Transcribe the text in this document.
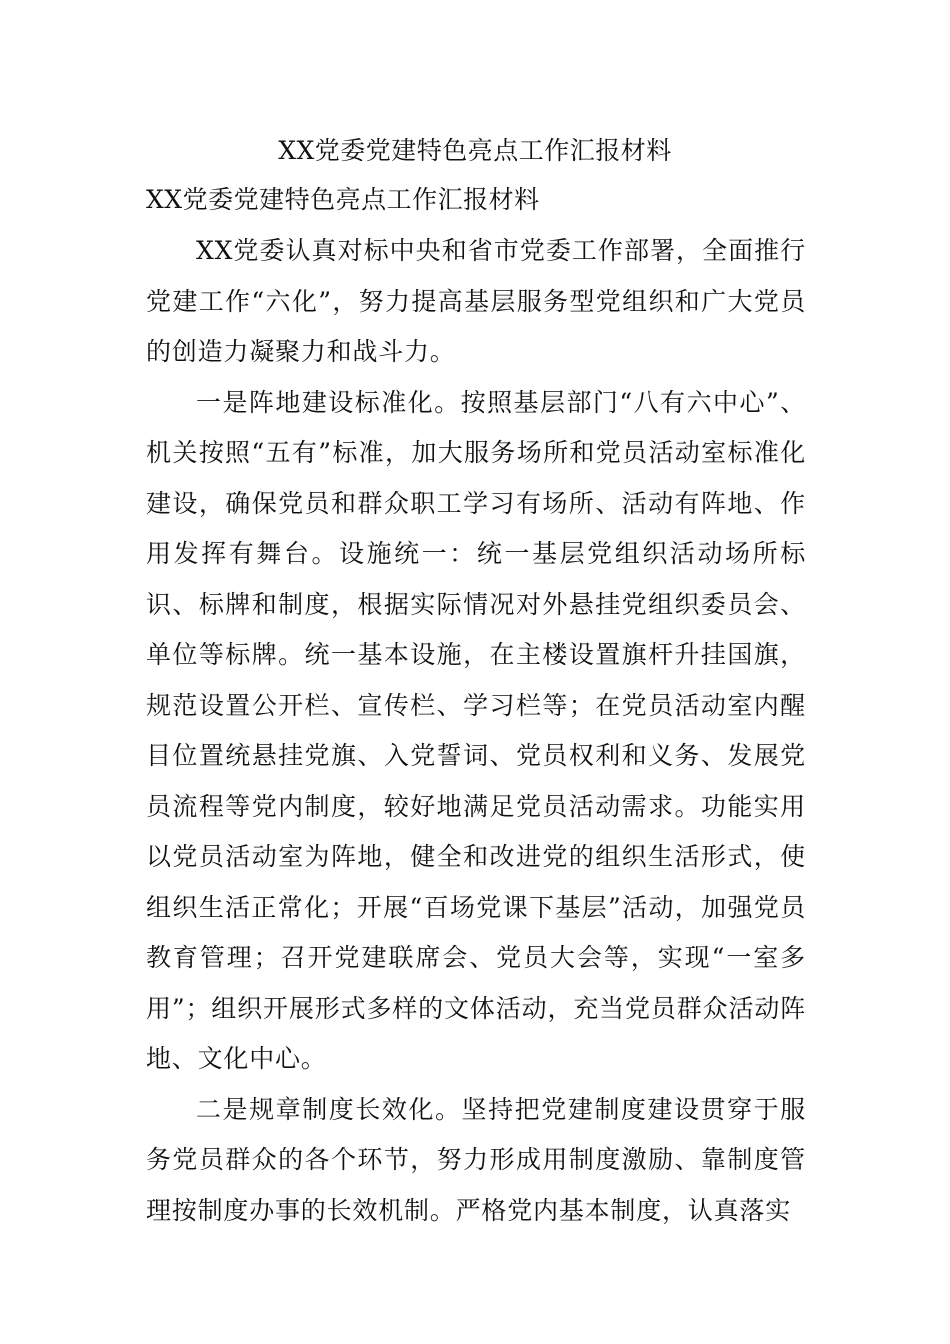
XX党委党建特色亮点工作汇报材料
XX党委党建特色亮点工作汇报材料

XX党委认真对标中央和省市党委工作部署，全面推行党建工作“六化”，努力提高基层服务型党组织和广大党员的创造力凝聚力和战斗力。

一是阵地建设标准化。按照基层部门“八有六中心”、机关按照“五有”标准，加大服务场所和党员活动室标准化建设，确保党员和群众职工学习有场所、活动有阵地、作用发挥有舞台。设施统一：统一基层党组织活动场所标识、标牌和制度，根据实际情况对外悬挂党组织委员会、单位等标牌。统一基本设施，在主楼设置旗杆升挂国旗，规范设置公开栏、宣传栏、学习栏等；在党员活动室内醒目位置统悬挂党旗、入党誓词、党员权利和义务、发展党员流程等党内制度，较好地满足党员活动需求。功能实用以党员活动室为阵地，健全和改进党的组织生活形式，使组织生活正常化；开展“百场党课下基层”活动，加强党员教育管理；召开党建联席会、党员大会等，实现“一室多用”；组织开展形式多样的文体活动，充当党员群众活动阵地、文化中心。

二是规章制度长效化。坚持把党建制度建设贯穿于服务党员群众的各个环节，努力形成用制度激励、靠制度管理按制度办事的长效机制。严格党内基本制度，认真落实
